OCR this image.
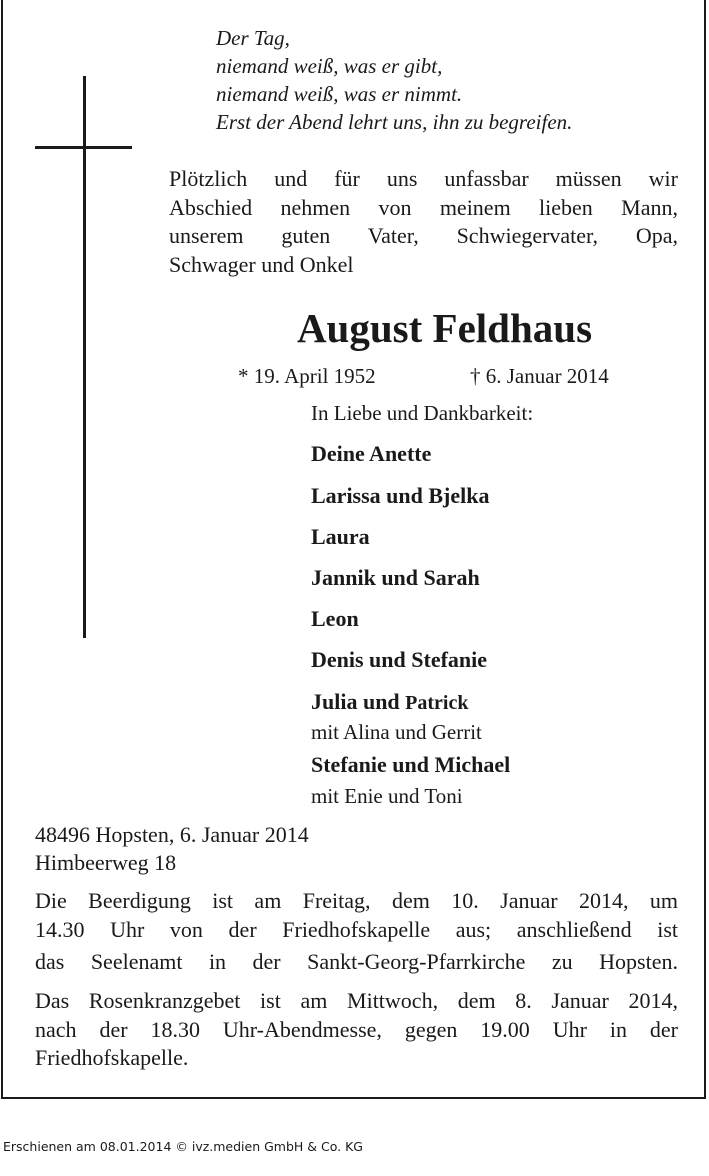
Der Tag,
niemand weiß, was er gibt,
niemand weiß, was er nimmt.
Erst der Abend lehrt uns, ihn zu begreifen.
Plötzlich und für uns unfassbar müssen wir
Abschied nehmen von meinem lieben Mann,
unserem guten Vater, Schwiegervater, Opa,
Schwager und Onkel
August Feldhaus
* 19. April 1952	† 6. Januar 2014
In Liebe und Dankbarkeit:
Deine Anette
Larissa und Bjelka
Laura
Jannik und Sarah
Leon
Denis und Stefanie
Julia und Patrick
mit Alina und Gerrit
Stefanie und Michael
mit Enie und Toni
48496 Hopsten, 6. Januar 2014
Himbeerweg 18
Die Beerdigung ist am Freitag, dem 10. Januar 2014, um
14.30 Uhr von der Friedhofskapelle aus; anschließend ist
das Seelenamt in der Sankt-Georg-Pfarrkirche zu Hopsten.
Das Rosenkranzgebet ist am Mittwoch, dem 8. Januar 2014,
nach der 18.30 Uhr-Abendmesse, gegen 19.00 Uhr in der
Friedhofskapelle.
Erschienen am 08.01.2014 © ivz.medien GmbH & Co. KG
